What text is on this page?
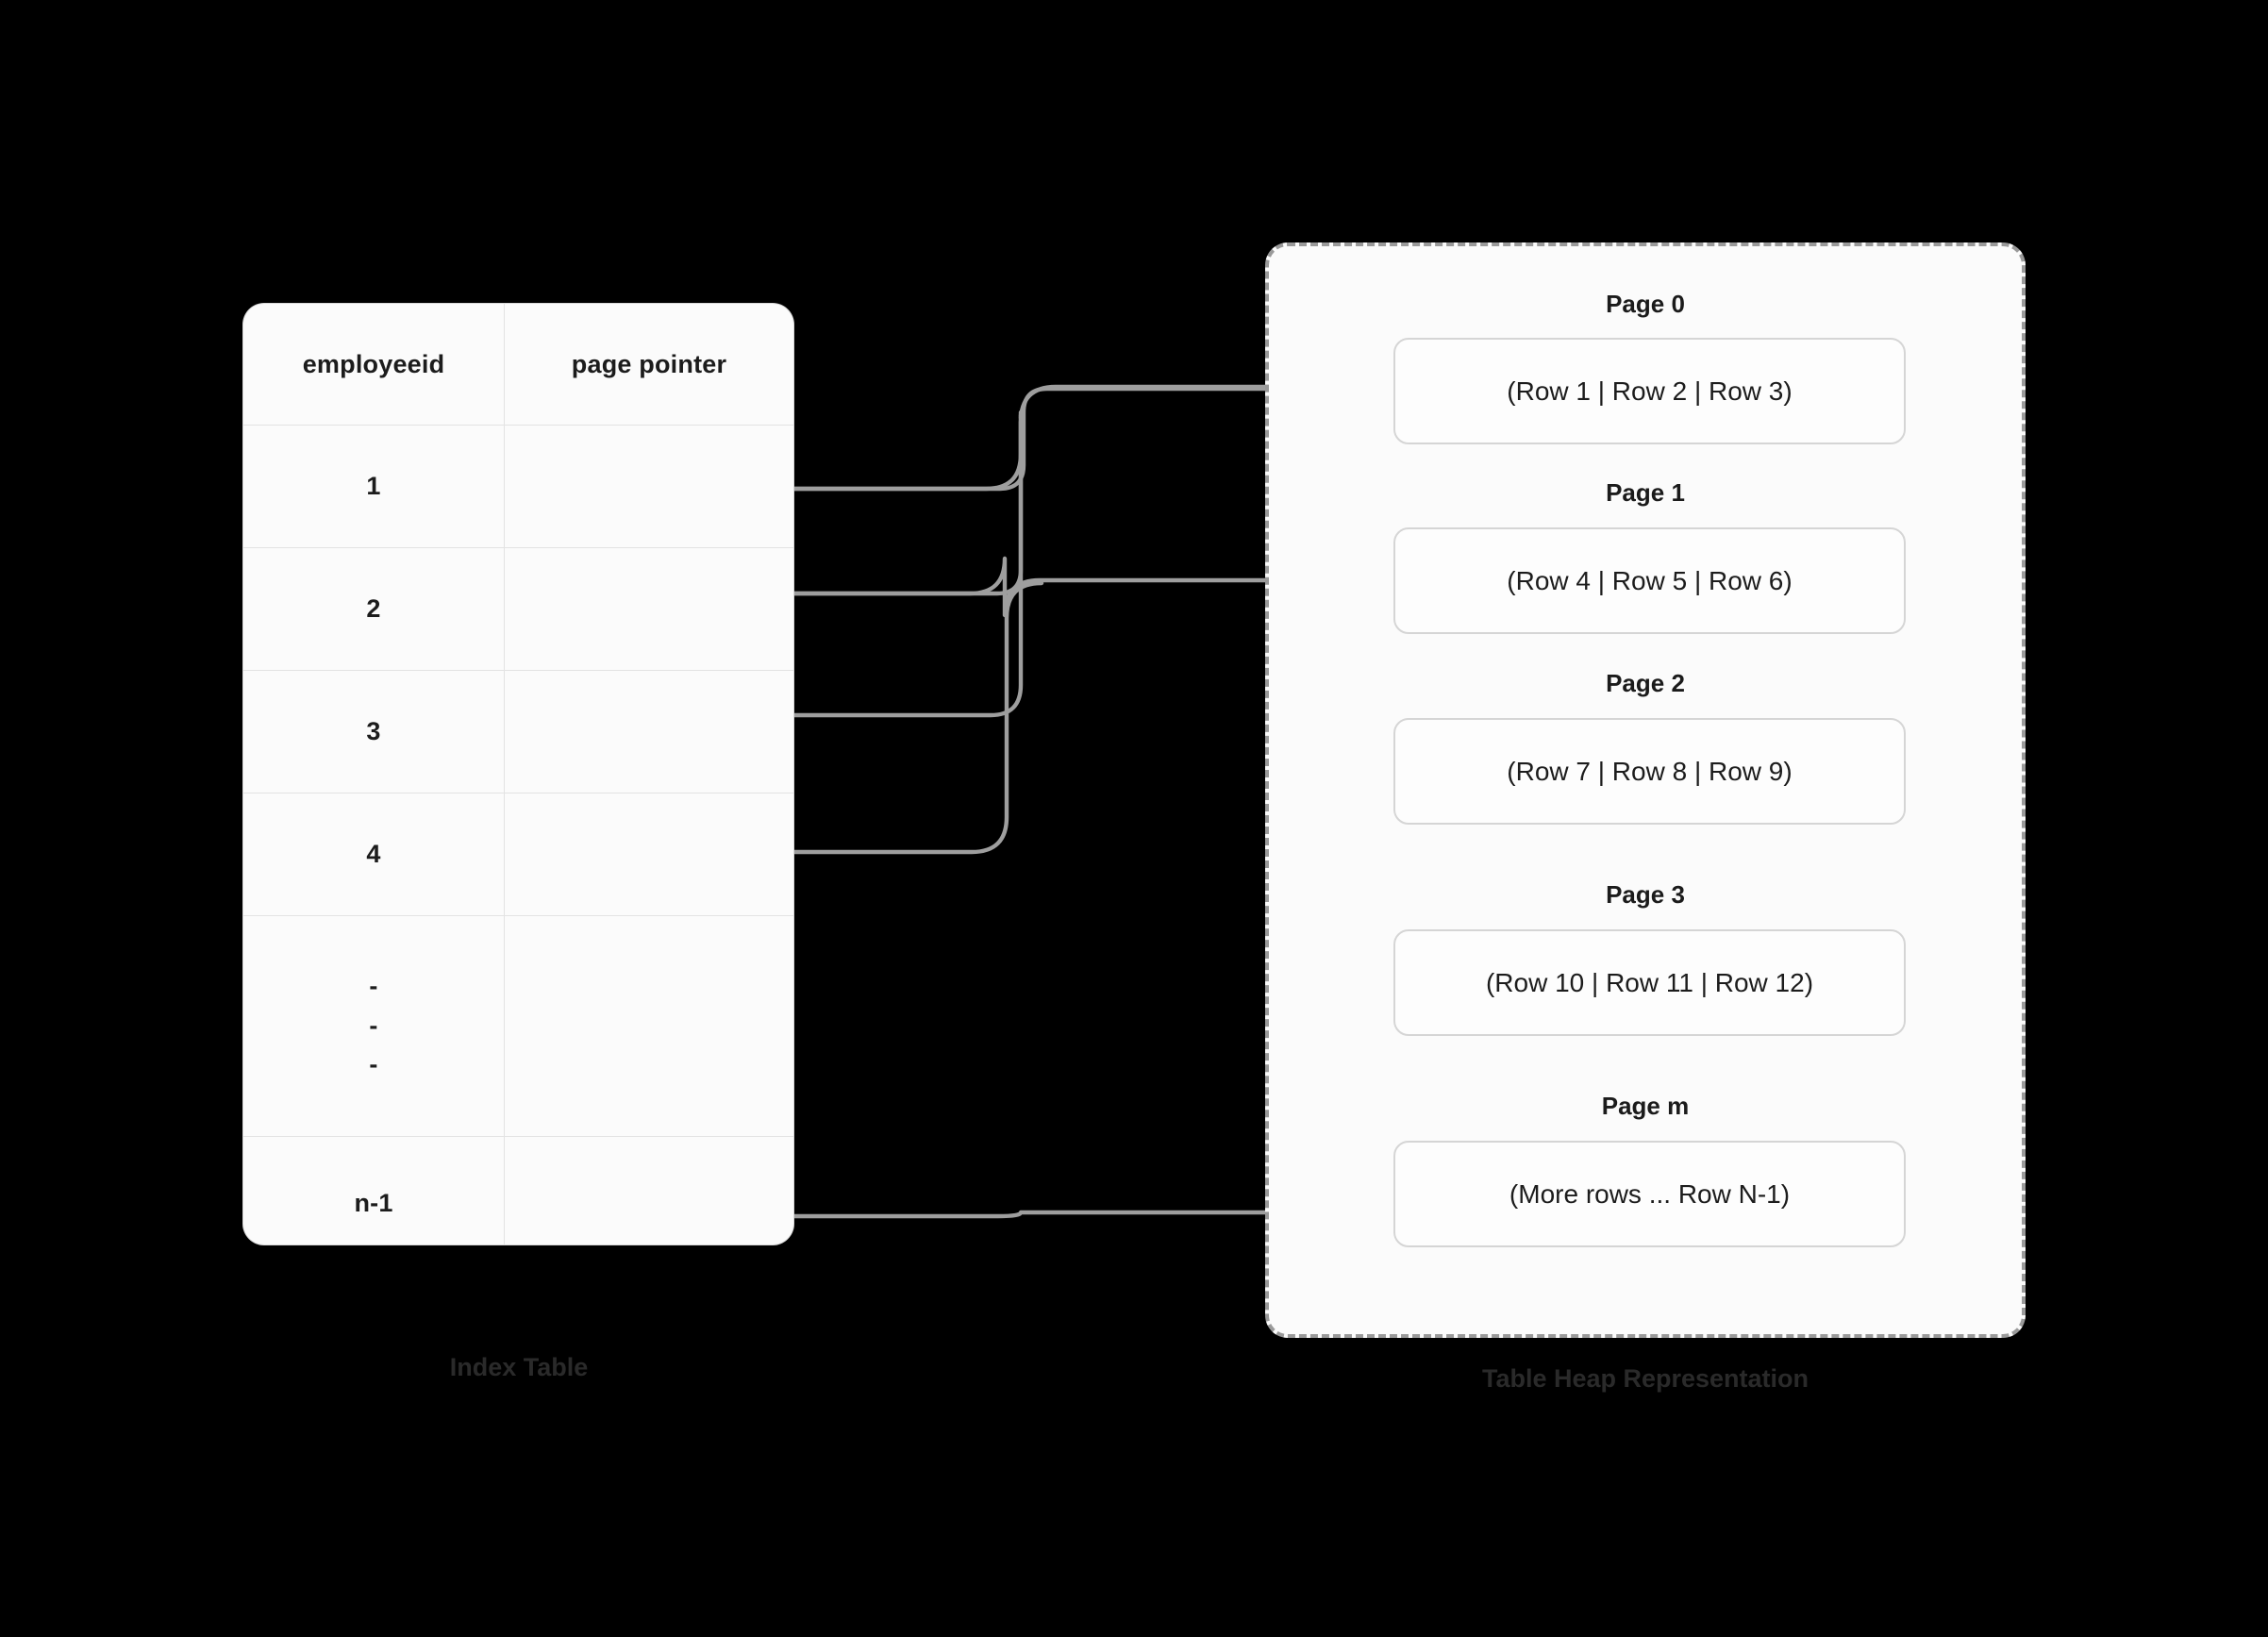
employeeid	page pointer
1
2
3
4
-
-
-
n-1
Page 0
(Row 1 | Row 2 | Row 3)
Page 1
(Row 4 | Row 5 | Row 6)
Page 2
(Row 7 | Row 8 | Row 9)
Page 3
(Row 10 | Row 11 | Row 12)
Page m
(More rows ... Row N-1)
Index Table	Table Heap Representation
